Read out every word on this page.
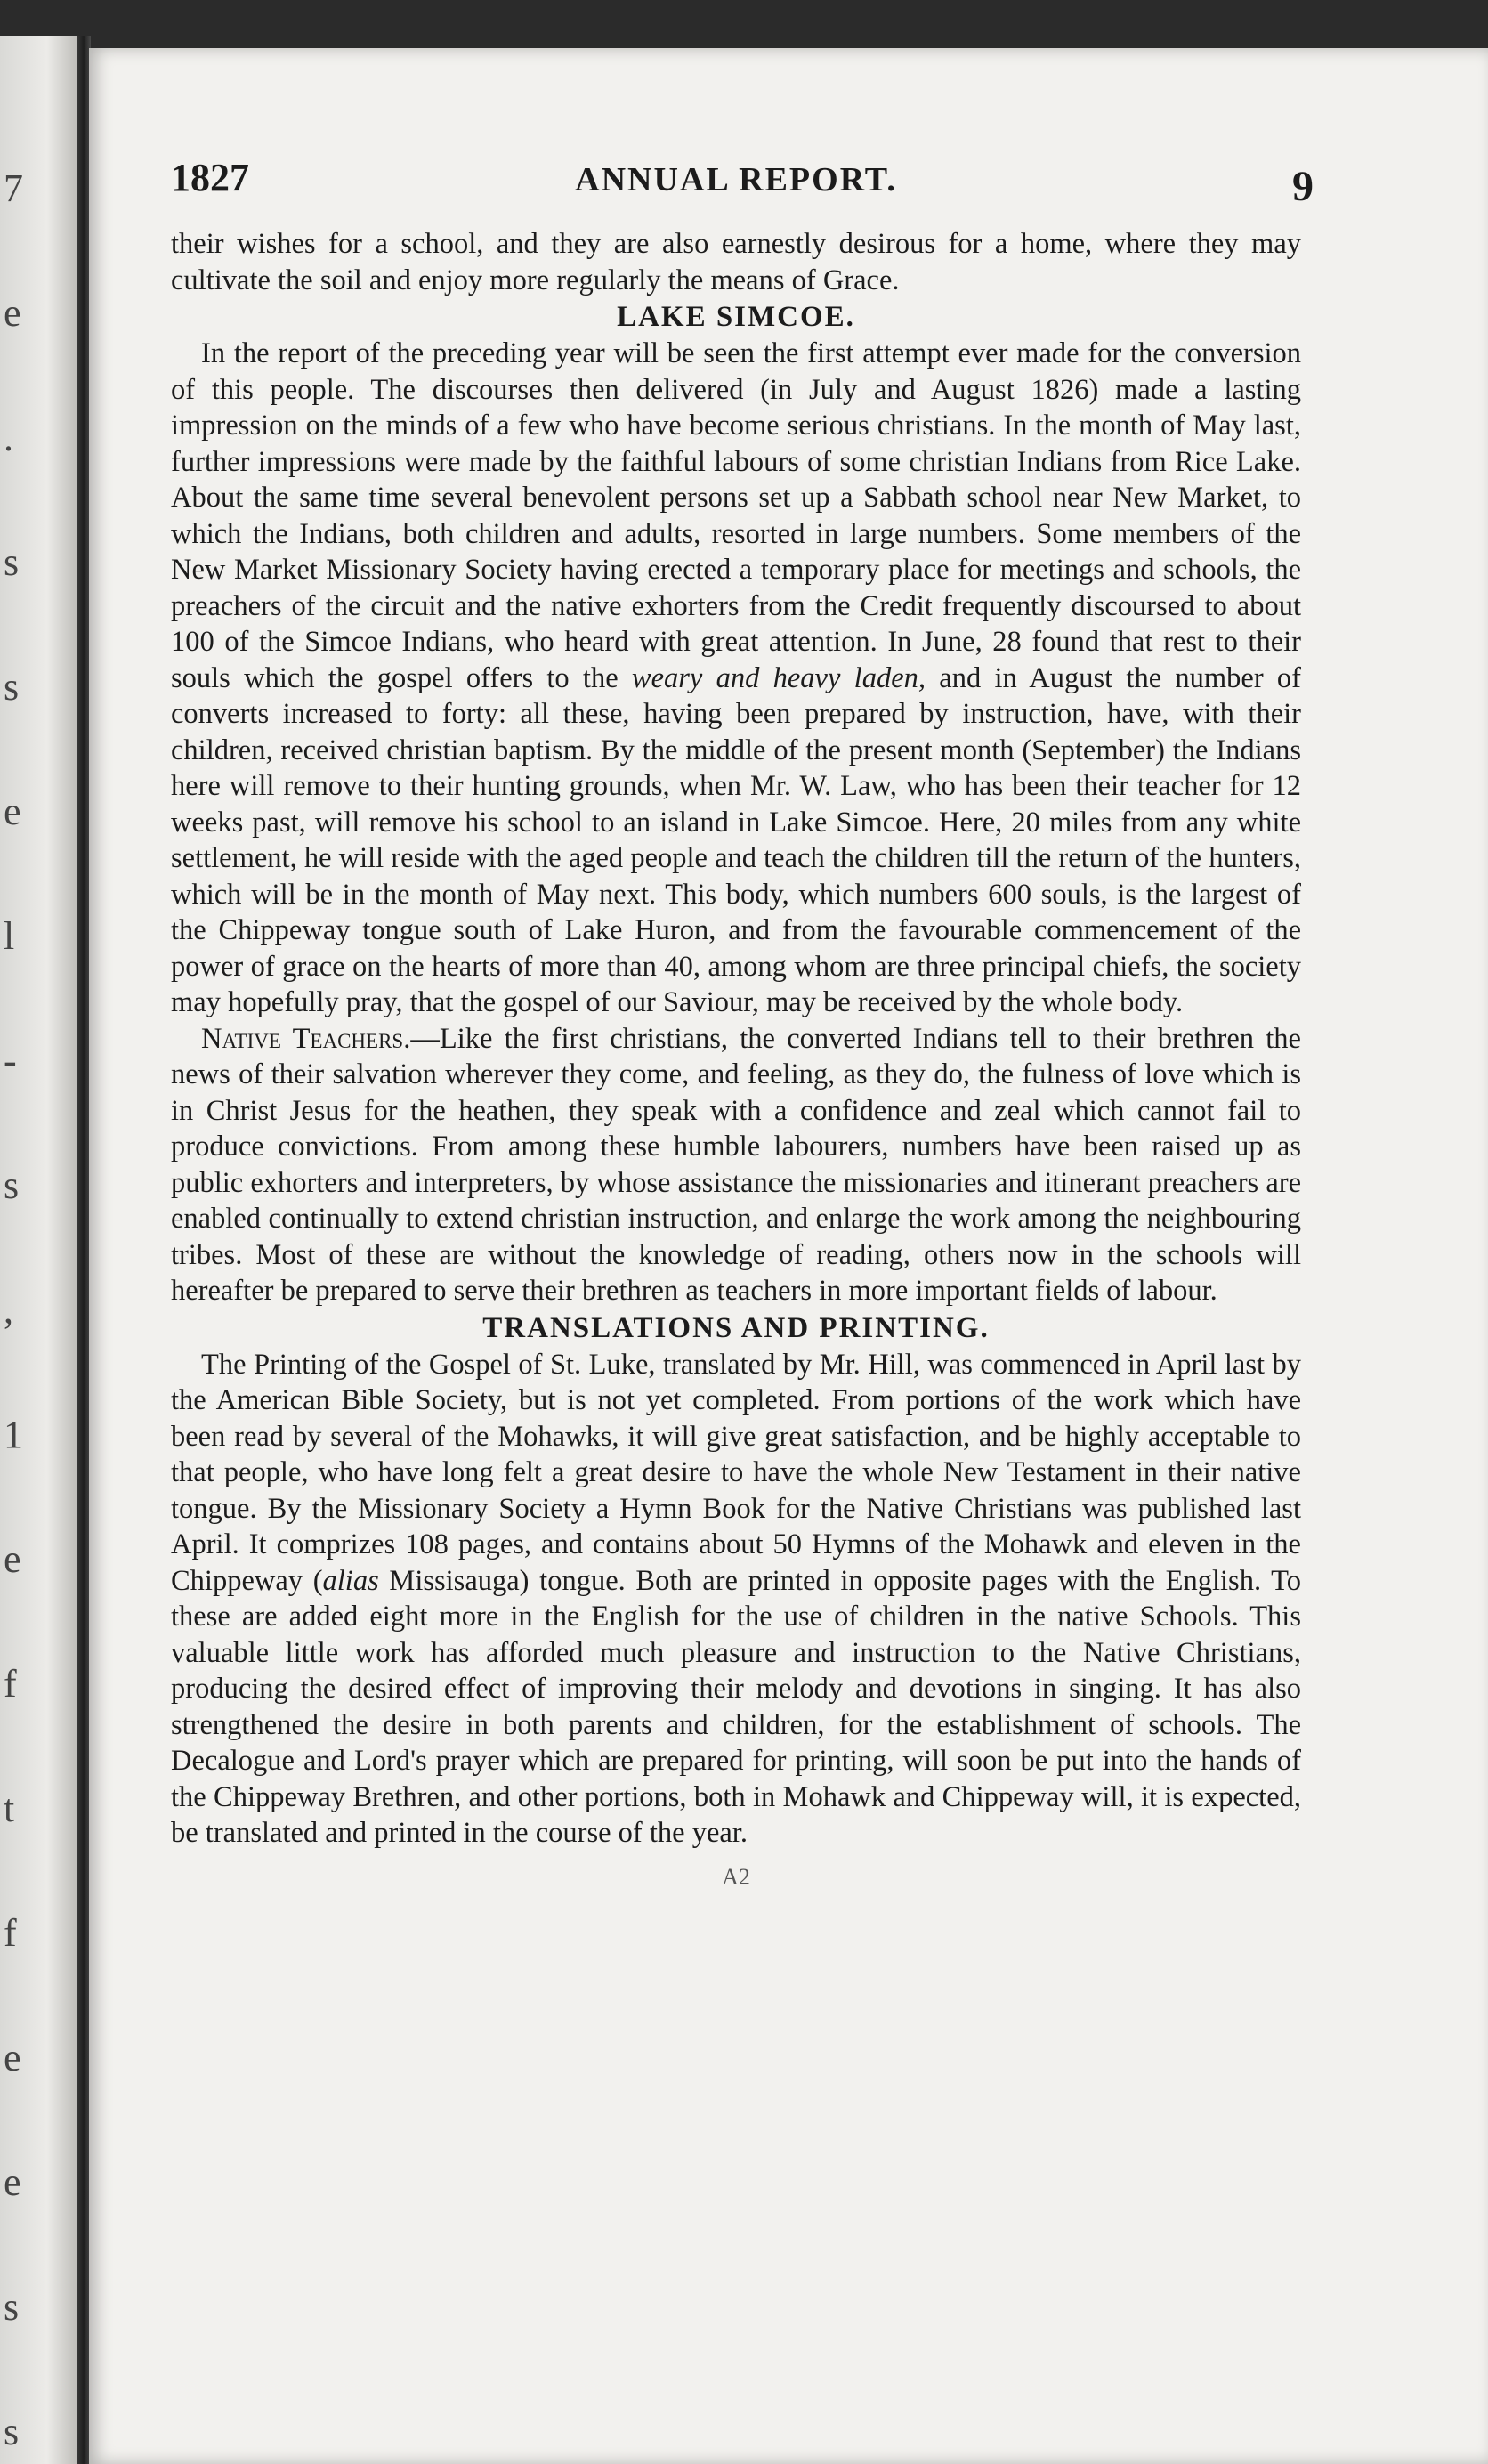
7
e
.
s
s
e
l
-
s
,
1
e
f
t
f
e
e
s
s
1827	ANNUAL REPORT.	9

their wishes for a school, and they are also earnestly desirous for a home, where they may cultivate the soil and enjoy more regularly the means of Grace.

LAKE SIMCOE.

In the report of the preceding year will be seen the first attempt ever made for the conversion of this people. The discourses then delivered (in July and August 1826) made a lasting impression on the minds of a few who have become serious christians. In the month of May last, further impressions were made by the faithful labours of some christian Indians from Rice Lake. About the same time several benevolent persons set up a Sabbath school near New Market, to which the Indians, both children and adults, resorted in large numbers. Some members of the New Market Missionary Society having erected a temporary place for meetings and schools, the preachers of the circuit and the native exhorters from the Credit frequently discoursed to about 100 of the Simcoe Indians, who heard with great attention. In June, 28 found that rest to their souls which the gospel offers to the weary and heavy laden, and in August the number of converts increased to forty: all these, having been prepared by instruction, have, with their children, received christian baptism. By the middle of the present month (September) the Indians here will remove to their hunting grounds, when Mr. W. Law, who has been their teacher for 12 weeks past, will remove his school to an island in Lake Simcoe. Here, 20 miles from any white settlement, he will reside with the aged people and teach the children till the return of the hunters, which will be in the month of May next. This body, which numbers 600 souls, is the largest of the Chippeway tongue south of Lake Huron, and from the favourable commencement of the power of grace on the hearts of more than 40, among whom are three principal chiefs, the society may hopefully pray, that the gospel of our Saviour, may be received by the whole body.

Native Teachers.—Like the first christians, the converted Indians tell to their brethren the news of their salvation wherever they come, and feeling, as they do, the fulness of love which is in Christ Jesus for the heathen, they speak with a confidence and zeal which cannot fail to produce convictions. From among these humble labourers, numbers have been raised up as public exhorters and interpreters, by whose assistance the missionaries and itinerant preachers are enabled continually to extend christian instruction, and enlarge the work among the neighbouring tribes. Most of these are without the knowledge of reading, others now in the schools will hereafter be prepared to serve their brethren as teachers in more important fields of labour.

TRANSLATIONS AND PRINTING.

The Printing of the Gospel of St. Luke, translated by Mr. Hill, was commenced in April last by the American Bible Society, but is not yet completed. From portions of the work which have been read by several of the Mohawks, it will give great satisfaction, and be highly acceptable to that people, who have long felt a great desire to have the whole New Testament in their native tongue. By the Missionary Society a Hymn Book for the Native Christians was published last April. It comprizes 108 pages, and contains about 50 Hymns of the Mohawk and eleven in the Chippeway (alias Missisauga) tongue. Both are printed in opposite pages with the English. To these are added eight more in the English for the use of children in the native Schools. This valuable little work has afforded much pleasure and instruction to the Native Christians, producing the desired effect of improving their melody and devotions in singing. It has also strengthened the desire in both parents and children, for the establishment of schools. The Decalogue and Lord's prayer which are prepared for printing, will soon be put into the hands of the Chippeway Brethren, and other portions, both in Mohawk and Chippeway will, it is expected, be translated and printed in the course of the year.

A2
